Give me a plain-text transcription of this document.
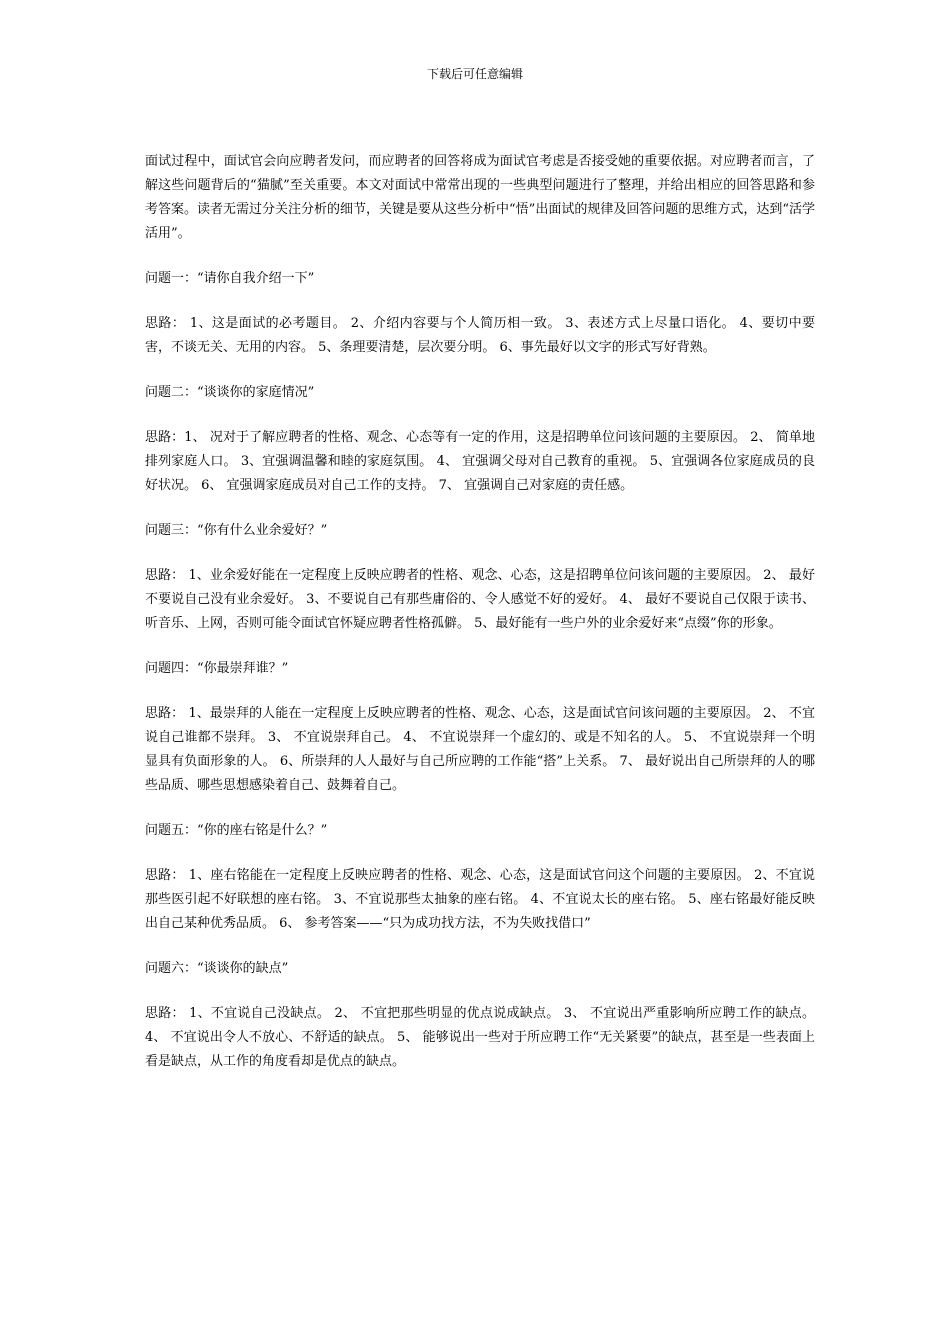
下载后可任意编辑

面试过程中，面试官会向应聘者发问，而应聘者的回答将成为面试官考虑是否接受她的重要依据。对应聘者而言，了解这些问题背后的“猫腻”至关重要。本文对面试中常常出现的一些典型问题进行了整理，并给出相应的回答思路和参考答案。读者无需过分关注分析的细节，关键是要从这些分析中“悟”出面试的规律及回答问题的思维方式，达到“活学活用”。

问题一：“请你自我介绍一下”

思路： 1、这是面试的必考题目。 2、介绍内容要与个人简历相一致。 3、表述方式上尽量口语化。 4、要切中要害，不谈无关、无用的内容。 5、条理要清楚，层次要分明。 6、事先最好以文字的形式写好背熟。

问题二：“谈谈你的家庭情况”

思路：1、 况对于了解应聘者的性格、观念、心态等有一定的作用，这是招聘单位问该问题的主要原因。 2、 简单地排列家庭人口。 3、宜强调温馨和睦的家庭氛围。 4、 宜强调父母对自己教育的重视。 5、宜强调各位家庭成员的良好状况。 6、 宜强调家庭成员对自己工作的支持。 7、 宜强调自己对家庭的责任感。

问题三：“你有什么业余爱好？”

思路： 1、业余爱好能在一定程度上反映应聘者的性格、观念、心态，这是招聘单位问该问题的主要原因。 2、 最好不要说自己没有业余爱好。 3、不要说自己有那些庸俗的、令人感觉不好的爱好。 4、 最好不要说自己仅限于读书、听音乐、上网，否则可能令面试官怀疑应聘者性格孤僻。 5、最好能有一些户外的业余爱好来“点缀”你的形象。

问题四：“你最崇拜谁？”

思路： 1、最崇拜的人能在一定程度上反映应聘者的性格、观念、心态，这是面试官问该问题的主要原因。 2、 不宜说自己谁都不崇拜。 3、 不宜说崇拜自己。 4、 不宜说崇拜一个虚幻的、或是不知名的人。 5、 不宜说崇拜一个明显具有负面形象的人。 6、所崇拜的人人最好与自己所应聘的工作能“搭”上关系。 7、 最好说出自己所崇拜的人的哪些品质、哪些思想感染着自己、鼓舞着自己。

问题五：“你的座右铭是什么？”

思路： 1、座右铭能在一定程度上反映应聘者的性格、观念、心态，这是面试官问这个问题的主要原因。 2、不宜说那些医引起不好联想的座右铭。 3、不宜说那些太抽象的座右铭。 4、不宜说太长的座右铭。 5、座右铭最好能反映出自己某种优秀品质。 6、 参考答案——“只为成功找方法，不为失败找借口”

问题六：“谈谈你的缺点”

思路： 1、不宜说自己没缺点。 2、 不宜把那些明显的优点说成缺点。 3、 不宜说出严重影响所应聘工作的缺点。 4、 不宜说出令人不放心、不舒适的缺点。 5、 能够说出一些对于所应聘工作“无关紧要”的缺点，甚至是一些表面上看是缺点，从工作的角度看却是优点的缺点。
